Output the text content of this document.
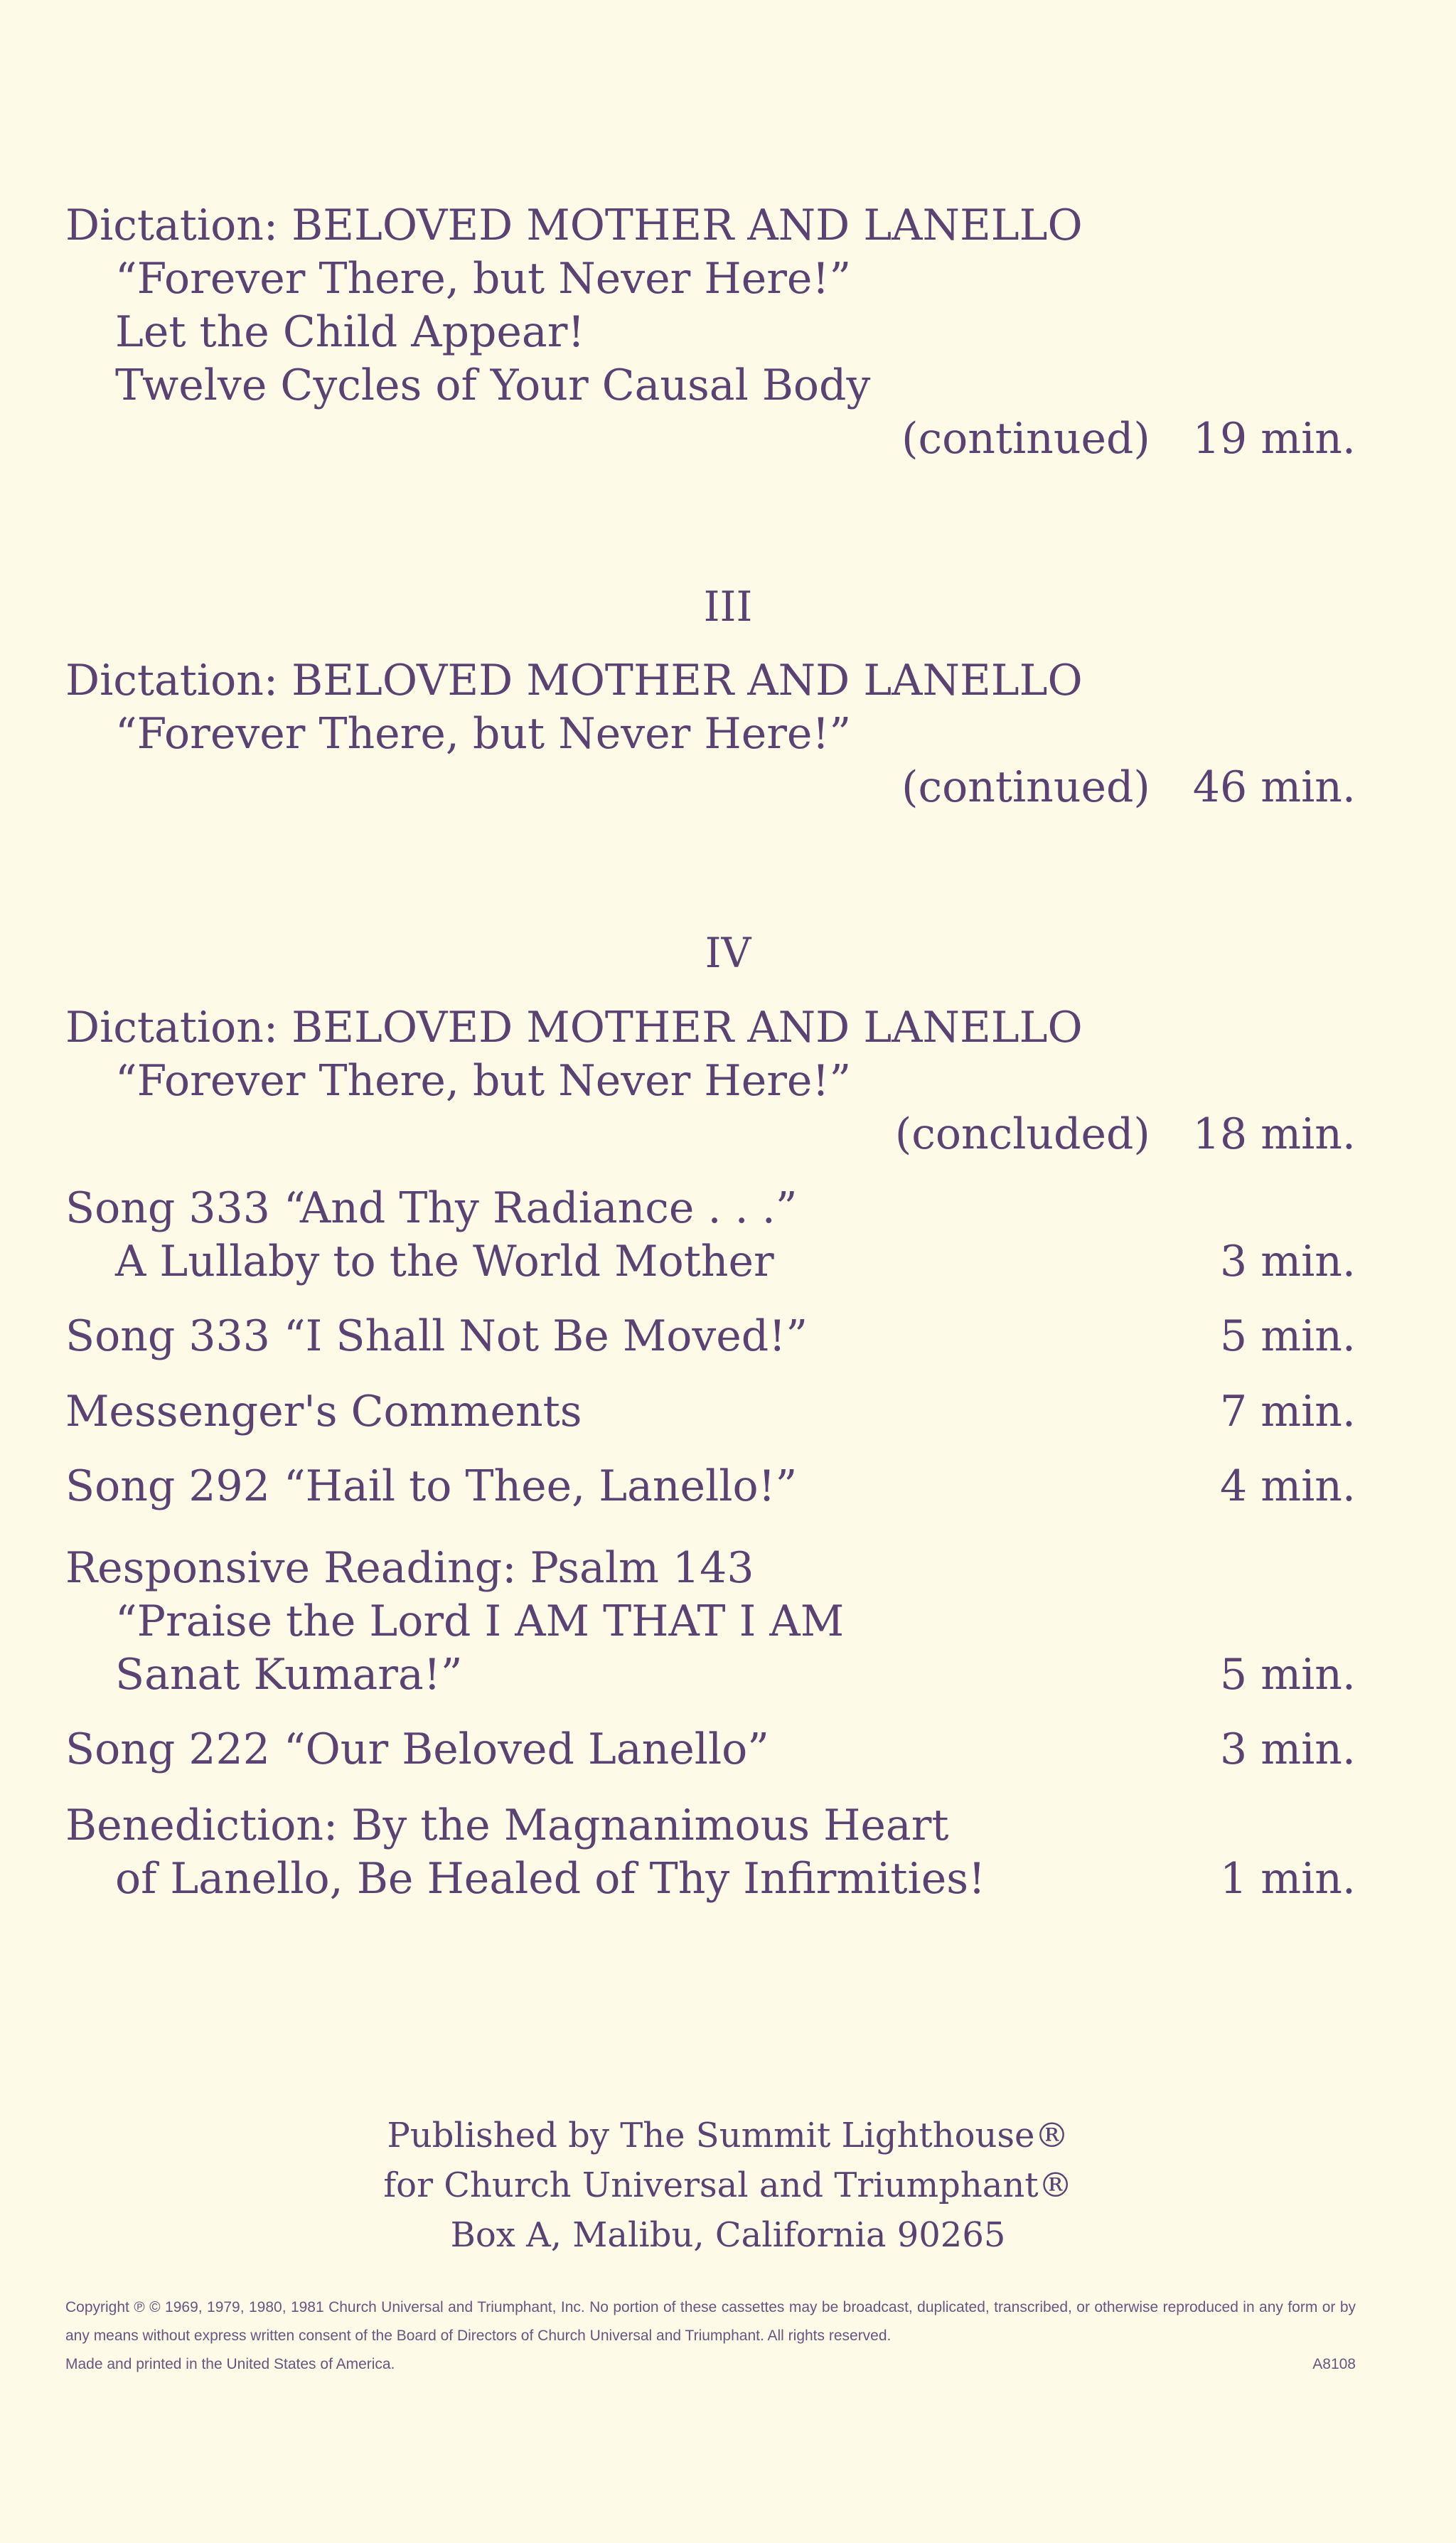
Dictation: BELOVED MOTHER AND LANELLO
“Forever There, but Never Here!”
Let the Child Appear!
Twelve Cycles of Your Causal Body
(continued) 19 min.
III
Dictation: BELOVED MOTHER AND LANELLO
“Forever There, but Never Here!”
(continued) 46 min.
IV
Dictation: BELOVED MOTHER AND LANELLO
“Forever There, but Never Here!”
(concluded) 18 min.
Song 333 “And Thy Radiance . . .”
A Lullaby to the World Mother	3 min.
Song 333 “I Shall Not Be Moved!”	5 min.
Messenger's Comments	7 min.
Song 292 “Hail to Thee, Lanello!”	4 min.
Responsive Reading: Psalm 143
“Praise the Lord I AM THAT I AM
Sanat Kumara!”	5 min.
Song 222 “Our Beloved Lanello”	3 min.
Benediction: By the Magnanimous Heart
of Lanello, Be Healed of Thy Infirmities!	1 min.
Published by The Summit Lighthouse®
for Church Universal and Triumphant®
Box A, Malibu, California 90265
Copyright ℗ © 1969, 1979, 1980, 1981 Church Universal and Triumphant, Inc. No portion of these cassettes may be broadcast, duplicated, transcribed, or otherwise reproduced in any form or by any means without express written consent of the Board of Directors of Church Universal and Triumphant. All rights reserved.
Made and printed in the United States of America.	A8108
